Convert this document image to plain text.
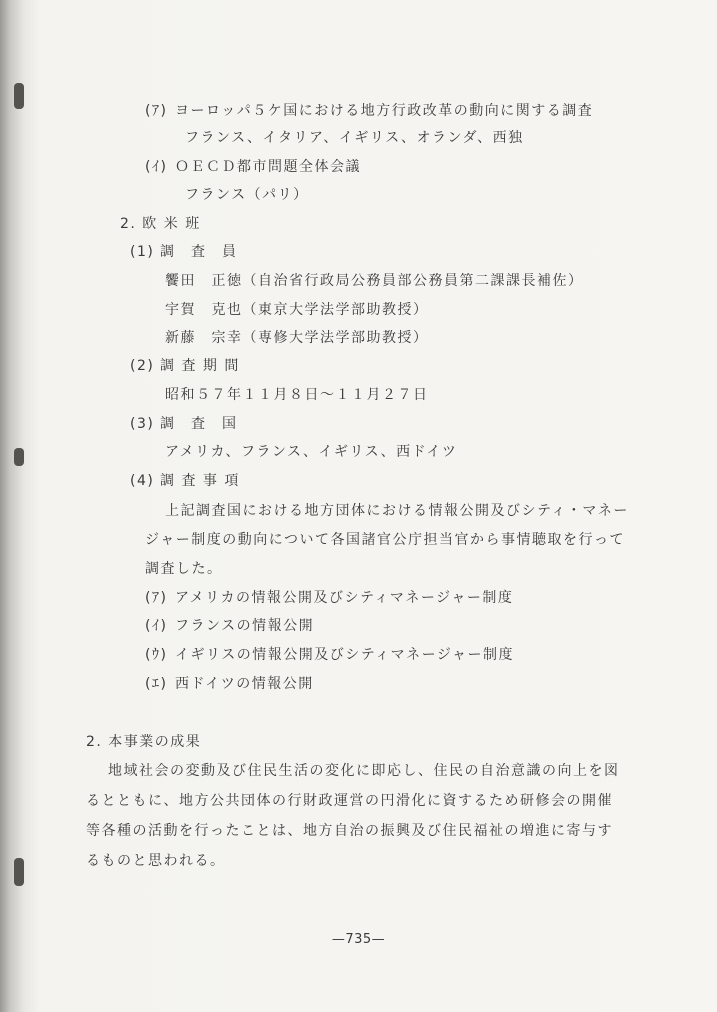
(ｱ) ヨーロッパ５ケ国における地方行政改革の動向に関する調査
フランス、イタリア、イギリス、オランダ、西独
(ｲ) ＯＥＣＤ都市問題全体会議
フランス（パリ）
2. 欧 米 班
(1) 調　査　員
饗田　正徳（自治省行政局公務員部公務員第二課課長補佐）
宇賀　克也（東京大学法学部助教授）
新藤　宗幸（専修大学法学部助教授）
(2) 調 査 期 間
昭和５７年１１月８日～１１月２７日
(3) 調　査　国
アメリカ、フランス、イギリス、西ドイツ
(4) 調 査 事 項
上記調査国における地方団体における情報公開及びシティ・マネー
ジャー制度の動向について各国諸官公庁担当官から事情聴取を行って
調査した。
(ｱ) アメリカの情報公開及びシティマネージャー制度
(ｲ) フランスの情報公開
(ｳ) イギリスの情報公開及びシティマネージャー制度
(ｴ) 西ドイツの情報公開
2. 本事業の成果
地域社会の変動及び住民生活の変化に即応し、住民の自治意識の向上を図
るとともに、地方公共団体の行財政運営の円滑化に資するため研修会の開催
等各種の活動を行ったことは、地方自治の振興及び住民福祉の増進に寄与す
るものと思われる。
—735—
